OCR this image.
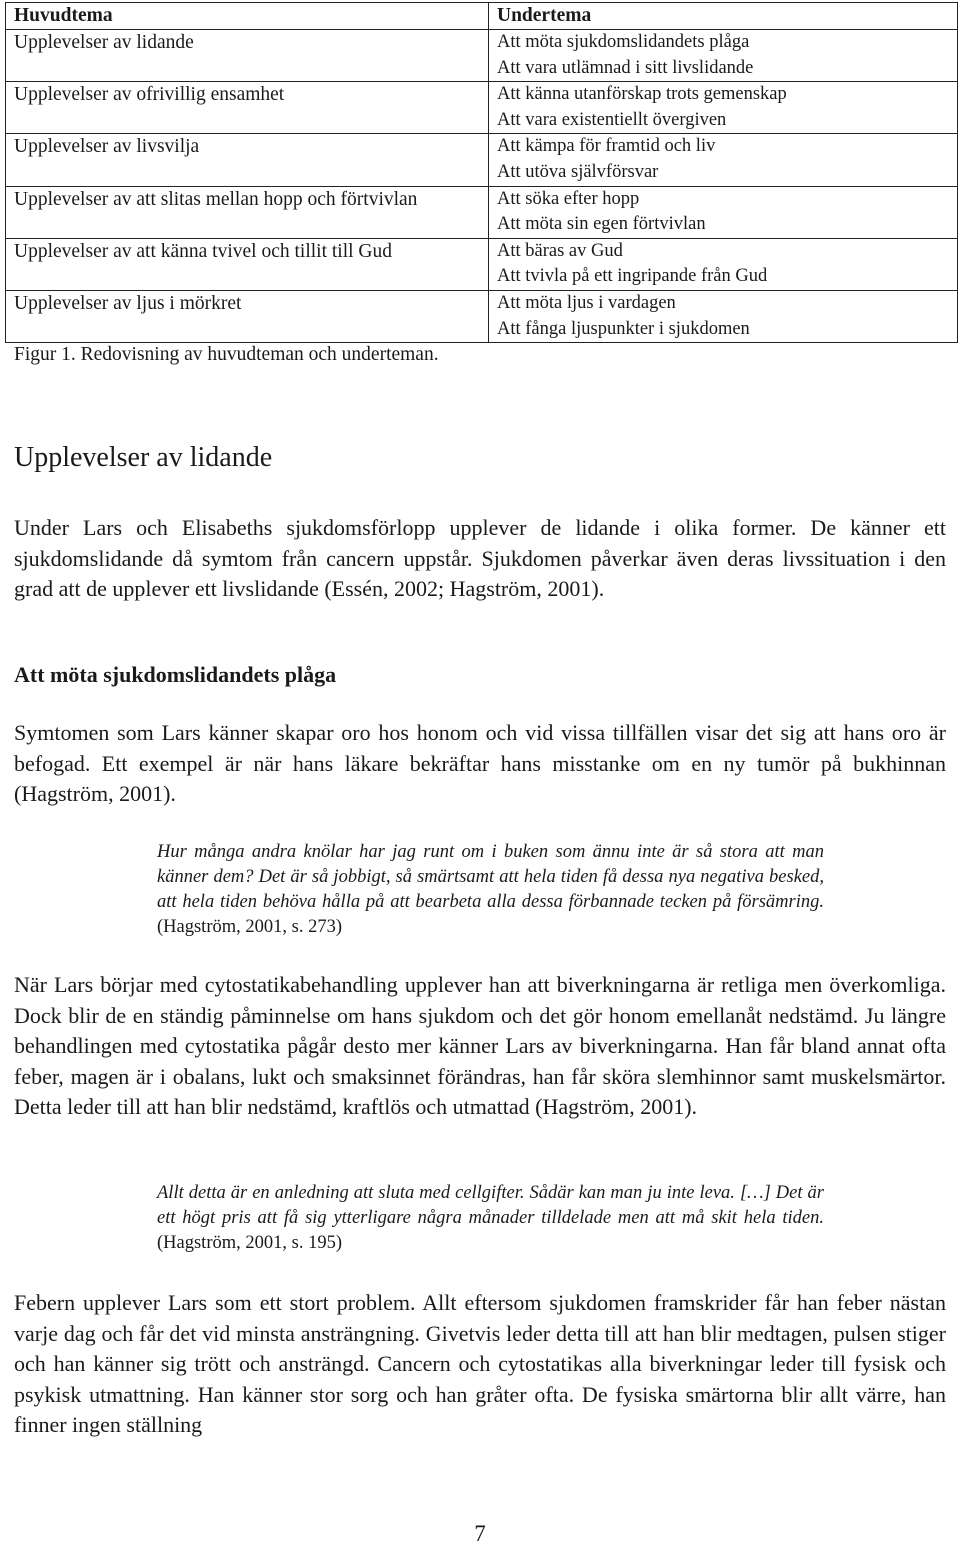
Huvudtema	Undertema
Upplevelser av lidande	Att möta sjukdomslidandets plåga
Att vara utlämnad i sitt livslidande

Upplevelser av ofrivillig ensamhet	Att känna utanförskap trots gemenskap
Att vara existentiellt övergiven

Upplevelser av livsvilja	Att kämpa för framtid och liv
Att utöva självförsvar

Upplevelser av att slitas mellan hopp och förtvivlan	Att söka efter hopp
Att möta sin egen förtvivlan

Upplevelser av att känna tvivel och tillit till Gud	Att bäras av Gud
Att tvivla på ett ingripande från Gud

Upplevelser av ljus i mörkret	Att möta ljus i vardagen
Att fånga ljuspunkter i sjukdomen
Figur 1. Redovisning av huvudteman och underteman.
Upplevelser av lidande
Under Lars och Elisabeths sjukdomsförlopp upplever de lidande i olika former. De känner ett sjukdomslidande då symtom från cancern uppstår. Sjukdomen påverkar även deras livssituation i den grad att de upplever ett livslidande (Essén, 2002; Hagström, 2001).
Att möta sjukdomslidandets plåga
Symtomen som Lars känner skapar oro hos honom och vid vissa tillfällen visar det sig att hans oro är befogad. Ett exempel är när hans läkare bekräftar hans misstanke om en ny tumör på bukhinnan (Hagström, 2001).
Hur många andra knölar har jag runt om i buken som ännu inte är så stora att man känner dem? Det är så jobbigt, så smärtsamt att hela tiden få dessa nya negativa besked, att hela tiden behöva hålla på att bearbeta alla dessa förbannade tecken på försämring. (Hagström, 2001, s. 273)
När Lars börjar med cytostatikabehandling upplever han att biverkningarna är retliga men överkomliga. Dock blir de en ständig påminnelse om hans sjukdom och det gör honom emellanåt nedstämd. Ju längre behandlingen med cytostatika pågår desto mer känner Lars av biverkningarna. Han får bland annat ofta feber, magen är i obalans, lukt och smaksinnet förändras, han får sköra slemhinnor samt muskelsmärtor. Detta leder till att han blir nedstämd, kraftlös och utmattad (Hagström, 2001).
Allt detta är en anledning att sluta med cellgifter. Sådär kan man ju inte leva. […] Det är ett högt pris att få sig ytterligare några månader tilldelade men att må skit hela tiden. (Hagström, 2001, s. 195)
Febern upplever Lars som ett stort problem. Allt eftersom sjukdomen framskrider får han feber nästan varje dag och får det vid minsta ansträngning. Givetvis leder detta till att han blir medtagen, pulsen stiger och han känner sig trött och ansträngd. Cancern och cytostatikas alla biverkningar leder till fysisk och psykisk utmattning. Han känner stor sorg och han gråter ofta. De fysiska smärtorna blir allt värre, han finner ingen ställning
7
